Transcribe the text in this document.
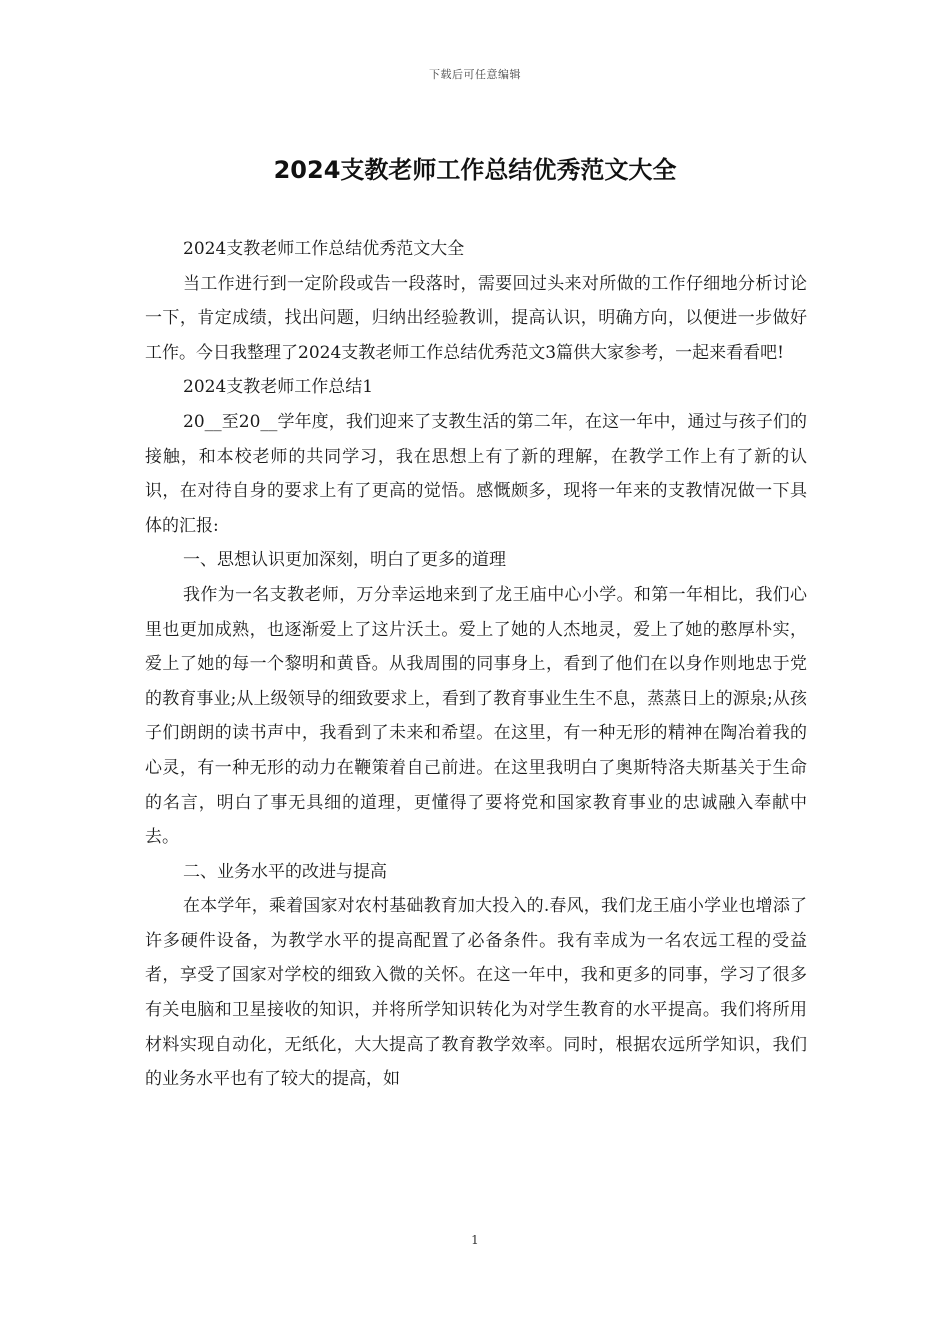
下载后可任意编辑
2024支教老师工作总结优秀范文大全

2024支教老师工作总结优秀范文大全

当工作进行到一定阶段或告一段落时，需要回过头来对所做的工作仔细地分析讨论一下，肯定成绩，找出问题，归纳出经验教训，提高认识，明确方向，以便进一步做好工作。今日我整理了2024支教老师工作总结优秀范文3篇供大家参考，一起来看看吧!

2024支教老师工作总结1

20__至20__学年度，我们迎来了支教生活的第二年，在这一年中，通过与孩子们的接触，和本校老师的共同学习，我在思想上有了新的理解，在教学工作上有了新的认识，在对待自身的要求上有了更高的觉悟。感慨颇多，现将一年来的支教情况做一下具体的汇报:

一、思想认识更加深刻，明白了更多的道理

我作为一名支教老师，万分幸运地来到了龙王庙中心小学。和第一年相比，我们心里也更加成熟，也逐渐爱上了这片沃土。爱上了她的人杰地灵，爱上了她的憨厚朴实，爱上了她的每一个黎明和黄昏。从我周围的同事身上，看到了他们在以身作则地忠于党的教育事业;从上级领导的细致要求上，看到了教育事业生生不息，蒸蒸日上的源泉;从孩子们朗朗的读书声中，我看到了未来和希望。在这里，有一种无形的精神在陶冶着我的心灵，有一种无形的动力在鞭策着自己前进。在这里我明白了奥斯特洛夫斯基关于生命的名言，明白了事无具细的道理，更懂得了要将党和国家教育事业的忠诚融入奉献中去。

二、业务水平的改进与提高

在本学年，乘着国家对农村基础教育加大投入的.春风，我们龙王庙小学业也增添了许多硬件设备，为教学水平的提高配置了必备条件。我有幸成为一名农远工程的受益者，享受了国家对学校的细致入微的关怀。在这一年中，我和更多的同事，学习了很多有关电脑和卫星接收的知识，并将所学知识转化为对学生教育的水平提高。我们将所用材料实现自动化，无纸化，大大提高了教育教学效率。同时，根据农远所学知识，我们的业务水平也有了较大的提高，如

1
